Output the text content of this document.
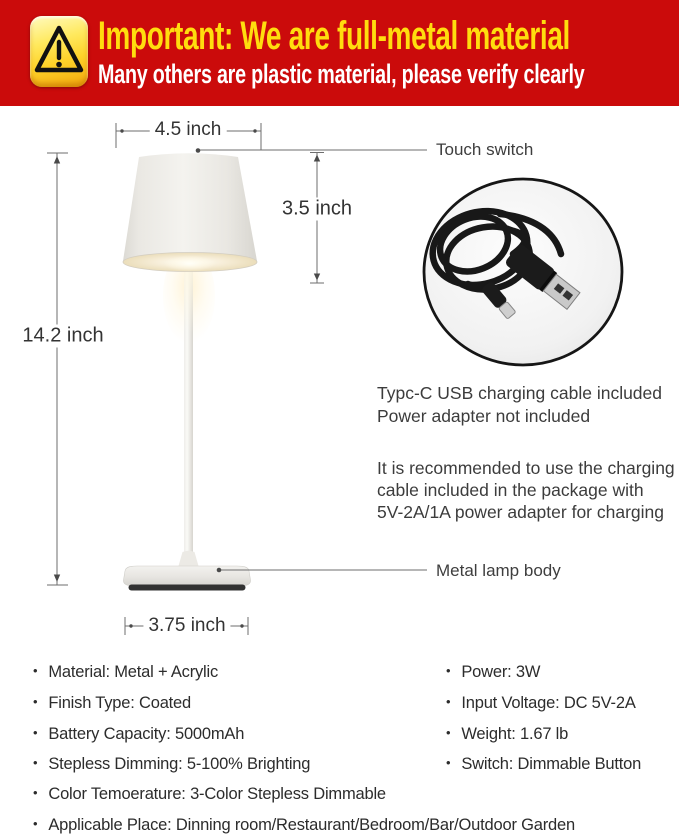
Important: We are full-metal material
Many others are plastic material, please verify clearly
4.5 inch
3.5 inch
14.2 inch
3.75 inch
Touch switch
Metal lamp body
Typc-C USB charging cable included
Power adapter not included
It is recommended to use the charging
cable included in the package with
5V-2A/1A power adapter for charging
• Material: Metal + Acrylic
• Finish Type: Coated
• Battery Capacity: 5000mAh
• Stepless Dimming: 5-100% Brighting
• Color Temoerature: 3-Color Stepless Dimmable
• Applicable Place: Dinning room/Restaurant/Bedroom/Bar/Outdoor Garden
• Power: 3W
• Input Voltage: DC 5V-2A
• Weight: 1.67 lb
• Switch: Dimmable Button
